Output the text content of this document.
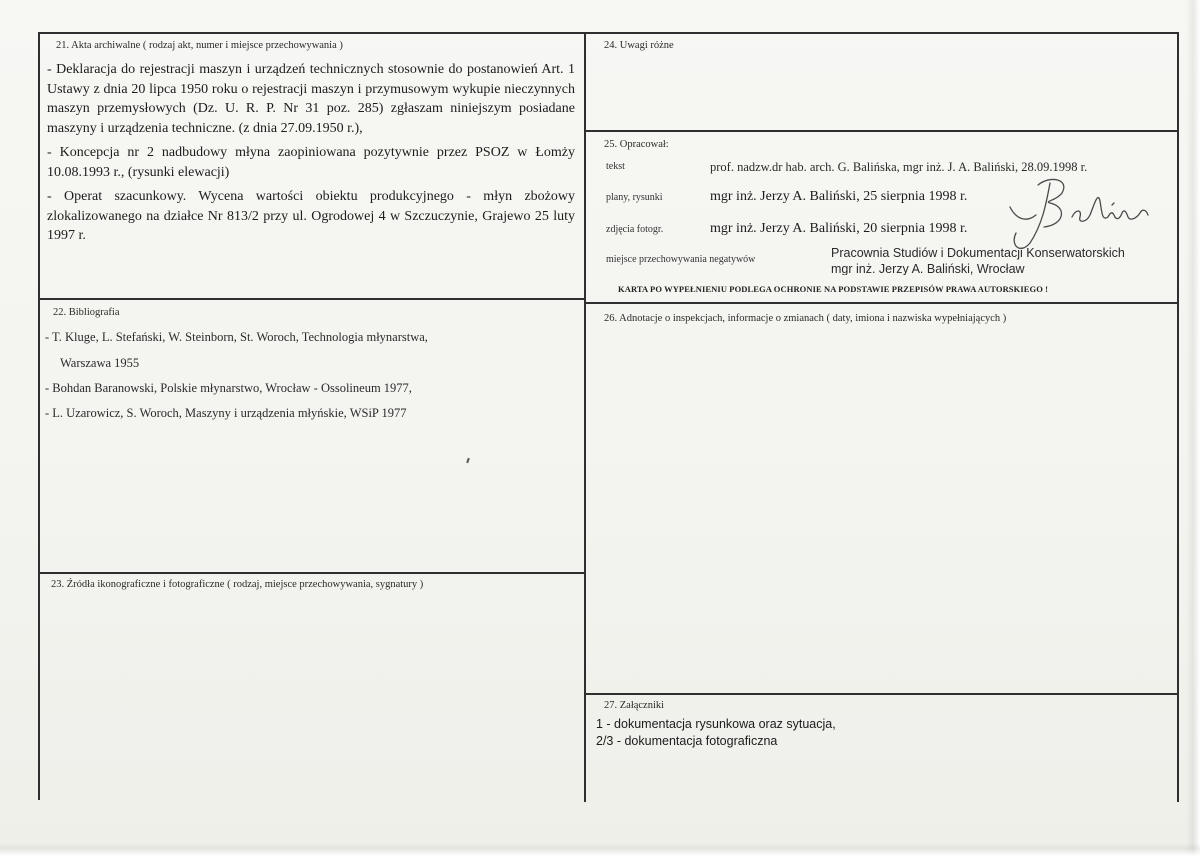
21. Akta archiwalne ( rodzaj akt, numer i miejsce przechowywania )
- Deklaracja do rejestracji maszyn i urządzeń technicznych stosownie do postanowień Art. 1 Ustawy z dnia 20 lipca 1950 roku o rejestracji maszyn i przymusowym wykupie nieczynnych maszyn przemysłowych (Dz. U. R. P. Nr 31 poz. 285) zgłaszam niniejszym posiadane maszyny i urządzenia techniczne. (z dnia 27.09.1950 r.),
- Koncepcja nr 2 nadbudowy młyna zaopiniowana pozytywnie przez PSOZ w Łomży 10.08.1993 r., (rysunki elewacji)
- Operat szacunkowy. Wycena wartości obiektu produkcyjnego - młyn zbożowy zlokalizowanego na działce Nr 813/2 przy ul. Ogrodowej 4 w Szczuczynie, Grajewo 25 luty 1997 r.
22. Bibliografia
- T. Kluge, L. Stefański, W. Steinborn, St. Woroch, Technologia młynarstwa,
Warszawa 1955
- Bohdan Baranowski, Polskie młynarstwo, Wrocław - Ossolineum 1977,
- L. Uzarowicz, S. Woroch, Maszyny i urządzenia młyńskie, WSiP 1977
23. Źródła ikonograficzne i fotograficzne ( rodzaj, miejsce przechowywania, sygnatury )
24. Uwagi różne
25. Opracował:
tekst	prof. nadzw.dr hab. arch. G. Balińska, mgr inż. J. A. Baliński, 28.09.1998 r.
plany, rysunki	mgr inż. Jerzy A. Baliński, 25 sierpnia 1998 r.
zdjęcia fotogr.	mgr inż. Jerzy A. Baliński, 20 sierpnia 1998 r.
miejsce przechowywania negatywów	Pracownia Studiów i Dokumentacji Konserwatorskich
mgr inż. Jerzy A. Baliński, Wrocław
KARTA PO WYPEŁNIENIU PODLEGA OCHRONIE NA PODSTAWIE PRZEPISÓW PRAWA AUTORSKIEGO !
26. Adnotacje o inspekcjach, informacje o zmianach ( daty, imiona i nazwiska wypełniających )
27. Załączniki
1 - dokumentacja rysunkowa oraz sytuacja,
2/3 - dokumentacja fotograficzna
